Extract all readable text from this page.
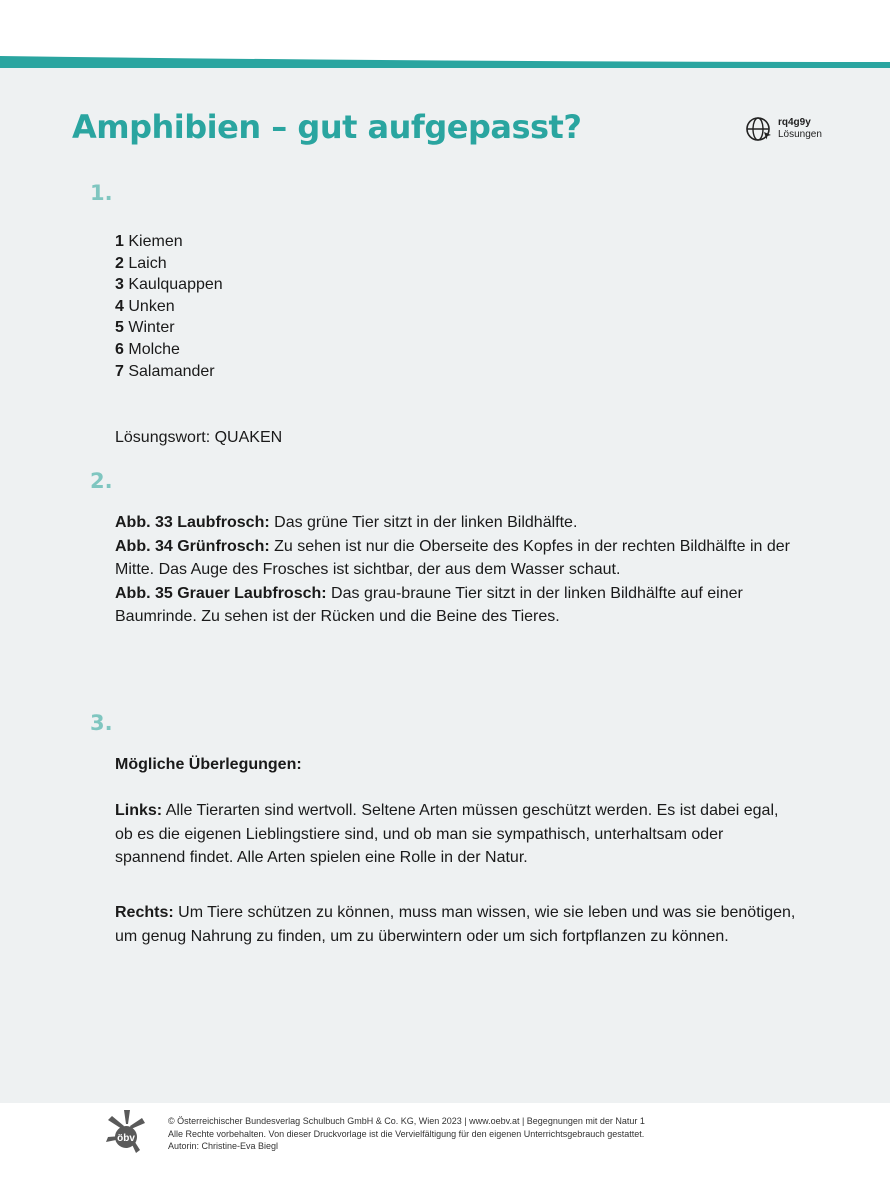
Amphibien – gut aufgepasst?	rq4g9y
Lösungen
1.
1 Kiemen
2 Laich
3 Kaulquappen
4 Unken
5 Winter
6 Molche
7 Salamander
Lösungswort: QUAKEN
2.
Abb. 33 Laubfrosch: Das grüne Tier sitzt in der linken Bildhälfte.
Abb. 34 Grünfrosch: Zu sehen ist nur die Oberseite des Kopfes in der rechten Bildhälfte in der Mitte. Das Auge des Frosches ist sichtbar, der aus dem Wasser schaut.
Abb. 35 Grauer Laubfrosch: Das grau-braune Tier sitzt in der linken Bildhälfte auf einer Baumrinde. Zu sehen ist der Rücken und die Beine des Tieres.
3.
Mögliche Überlegungen:
Links: Alle Tierarten sind wertvoll. Seltene Arten müssen geschützt werden. Es ist dabei egal, ob es die eigenen Lieblingstiere sind, und ob man sie sympathisch, unterhaltsam oder spannend findet. Alle Arten spielen eine Rolle in der Natur.
Rechts: Um Tiere schützen zu können, muss man wissen, wie sie leben und was sie benötigen, um genug Nahrung zu finden, um zu überwintern oder um sich fortpflanzen zu können.
öbv
© Österreichischer Bundesverlag Schulbuch GmbH & Co. KG, Wien 2023 | www.oebv.at | Begegnungen mit der Natur 1
Alle Rechte vorbehalten. Von dieser Druckvorlage ist die Vervielfältigung für den eigenen Unterrichtsgebrauch gestattet.
Autorin: Christine-Eva Biegl
